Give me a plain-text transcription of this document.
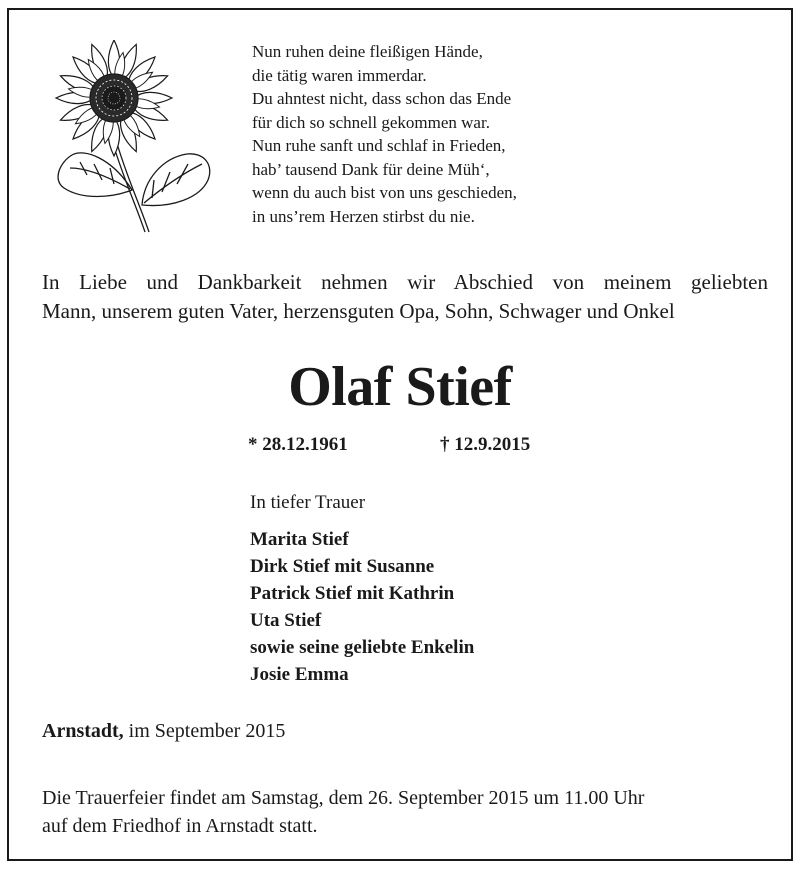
Nun ruhen deine fleißigen Hände,
die tätig waren immerdar.
Du ahntest nicht, dass schon das Ende
für dich so schnell gekommen war.
Nun ruhe sanft und schlaf in Frieden,
hab’ tausend Dank für deine Müh‘,
wenn du auch bist von uns geschieden,
in uns’rem Herzen stirbst du nie.
In Liebe und Dankbarkeit nehmen wir Abschied von meinem geliebten
Mann, unserem guten Vater, herzensguten Opa, Sohn, Schwager und Onkel
Olaf Stief
* 28.12.1961	† 12.9.2015
In tiefer Trauer
Marita Stief
Dirk Stief mit Susanne
Patrick Stief mit Kathrin
Uta Stief
sowie seine geliebte Enkelin
Josie Emma
Arnstadt, im September 2015
Die Trauerfeier findet am Samstag, dem 26. September 2015 um 11.00 Uhr
auf dem Friedhof in Arnstadt statt.
